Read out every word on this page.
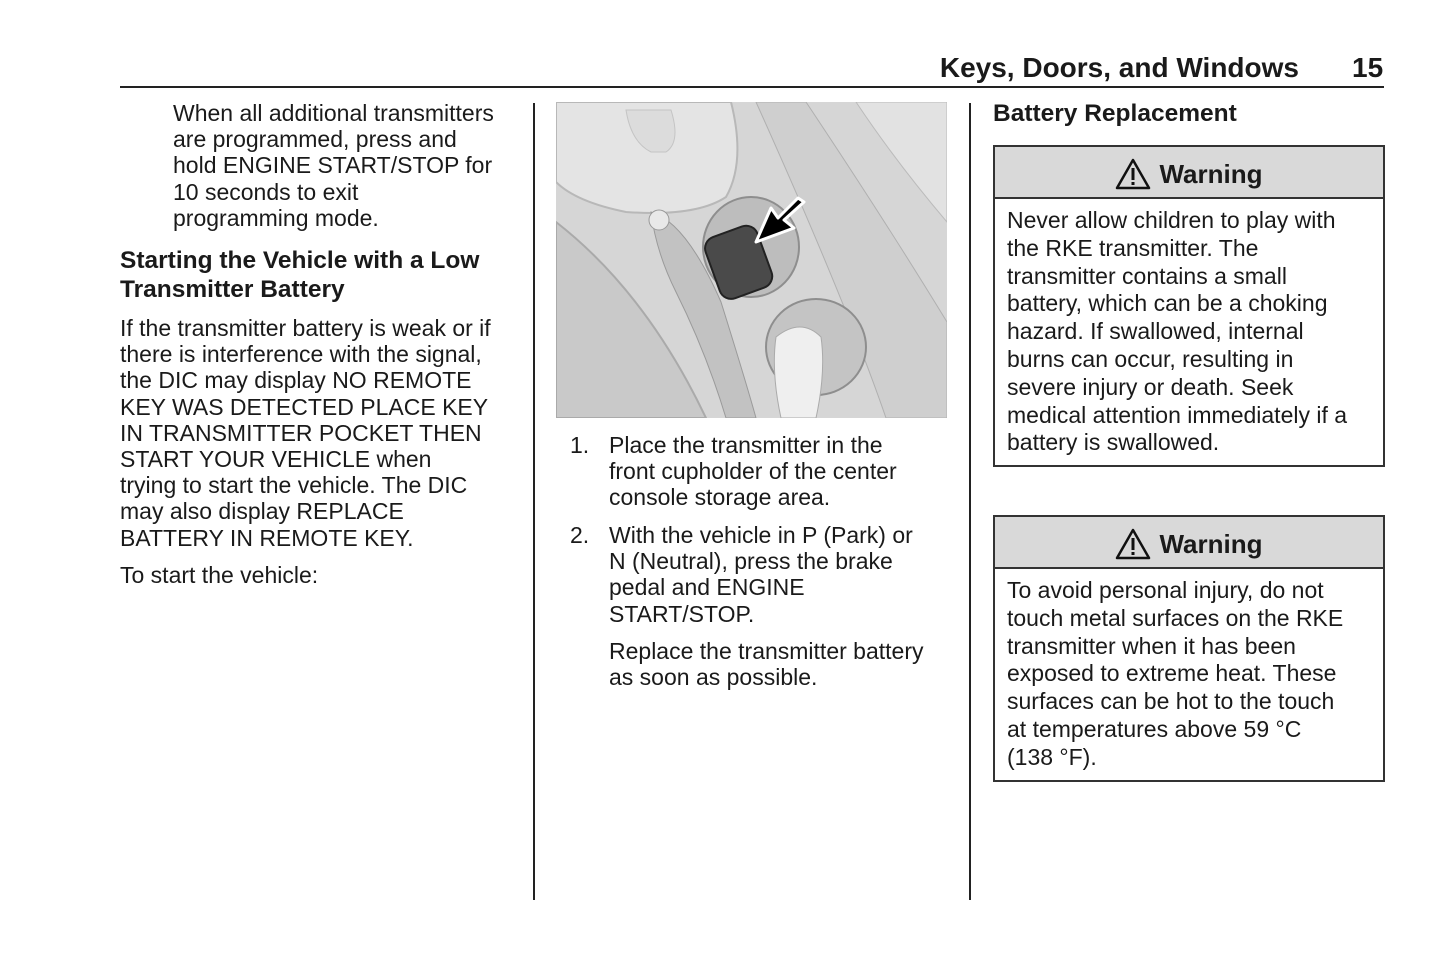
Keys, Doors, and Windows 15
When all additional transmitters
are programmed, press and
hold ENGINE START/STOP for
10 seconds to exit
programming mode.
Starting the Vehicle with a Low
Transmitter Battery
If the transmitter battery is weak or if
there is interference with the signal,
the DIC may display NO REMOTE
KEY WAS DETECTED PLACE KEY
IN TRANSMITTER POCKET THEN
START YOUR VEHICLE when
trying to start the vehicle. The DIC
may also display REPLACE
BATTERY IN REMOTE KEY.
To start the vehicle:
1. Place the transmitter in the
front cupholder of the center
console storage area.
2. With the vehicle in P (Park) or
N (Neutral), press the brake
pedal and ENGINE
START/STOP.
Replace the transmitter battery
as soon as possible.
Battery Replacement
Warning
Never allow children to play with
the RKE transmitter. The
transmitter contains a small
battery, which can be a choking
hazard. If swallowed, internal
burns can occur, resulting in
severe injury or death. Seek
medical attention immediately if a
battery is swallowed.
Warning
To avoid personal injury, do not
touch metal surfaces on the RKE
transmitter when it has been
exposed to extreme heat. These
surfaces can be hot to the touch
at temperatures above 59 °C
(138 °F).
